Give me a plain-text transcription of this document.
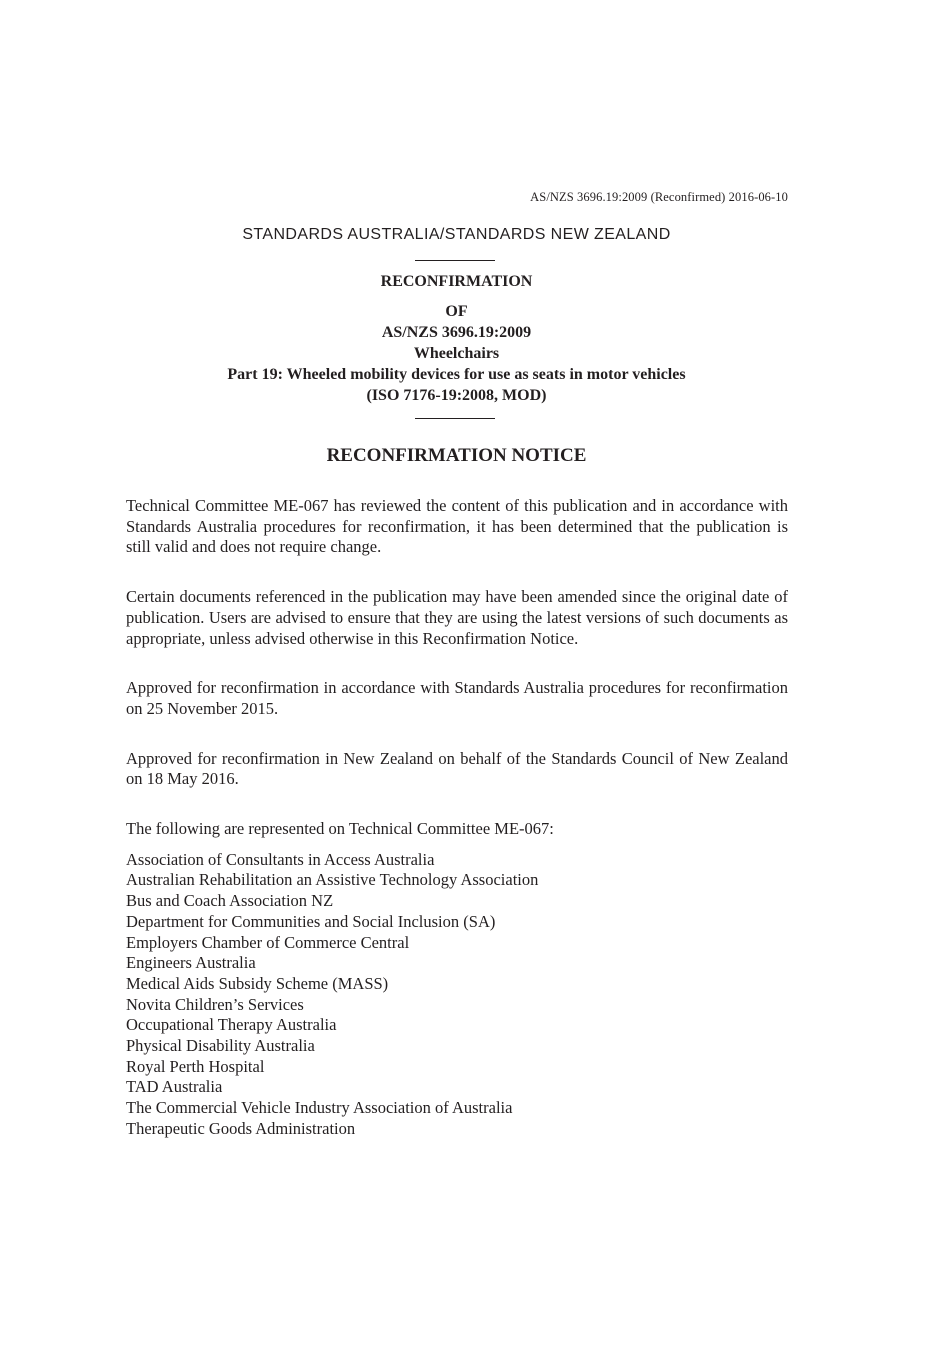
AS/NZS 3696.19:2009 (Reconfirmed) 2016-06-10
STANDARDS AUSTRALIA/STANDARDS NEW ZEALAND
RECONFIRMATION
OF
AS/NZS 3696.19:2009
Wheelchairs
Part 19: Wheeled mobility devices for use as seats in motor vehicles
(ISO 7176-19:2008, MOD)
RECONFIRMATION NOTICE

Technical Committee ME-067 has reviewed the content of this publication and in accordance with Standards Australia procedures for reconfirmation, it has been determined that the publication is still valid and does not require change.

Certain documents referenced in the publication may have been amended since the original date of publication. Users are advised to ensure that they are using the latest versions of such documents as appropriate, unless advised otherwise in this Reconfirmation Notice.

Approved for reconfirmation in accordance with Standards Australia procedures for reconfirmation on 25 November 2015.

Approved for reconfirmation in New Zealand on behalf of the Standards Council of New Zealand on 18 May 2016.

The following are represented on Technical Committee ME-067:

Association of Consultants in Access Australia
Australian Rehabilitation an Assistive Technology Association
Bus and Coach Association NZ
Department for Communities and Social Inclusion (SA)
Employers Chamber of Commerce Central
Engineers Australia
Medical Aids Subsidy Scheme (MASS)
Novita Children’s Services
Occupational Therapy Australia
Physical Disability Australia
Royal Perth Hospital
TAD Australia
The Commercial Vehicle Industry Association of Australia
Therapeutic Goods Administration
